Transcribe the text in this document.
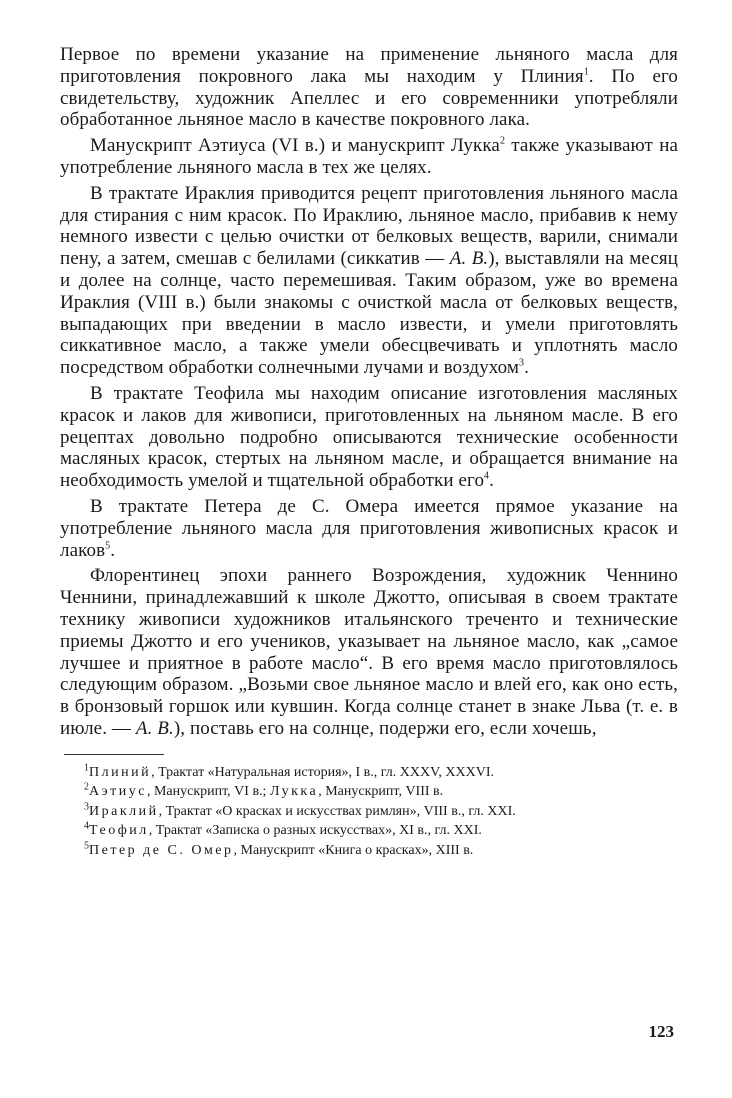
Первое по времени указание на применение льняного масла для приготовления покровного лака мы находим у Плиния$^1$. По его свидетельству, художник Апеллес и его современники употребляли обработанное льняное масло в качестве покровного лака.

Манускрипт Аэтиуса (VI в.) и манускрипт Лукка$^2$ также указывают на употребление льняного масла в тех же целях.

В трактате Ираклия приводится рецепт приготовления льняного масла для стирания с ним красок. По Ираклию, льняное масло, прибавив к нему немного извести с целью очистки от белковых веществ, варили, снимали пену, а затем, смешав с белилами (сиккатив — А. В.), выставляли на месяц и долее на солнце, часто перемешивая. Таким образом, уже во времена Ираклия (VIII в.) были знакомы с очисткой масла от белковых веществ, выпадающих при введении в масло извести, и умели приготовлять сиккативное масло, а также умели обесцвечивать и уплотнять масло посредством обработки солнечными лучами и воздухом$^3$.

В трактате Теофила мы находим описание изготовления масляных красок и лаков для живописи, приготовленных на льняном масле. В его рецептах довольно подробно описываются технические особенности масляных красок, стертых на льняном масле, и обращается внимание на необходимость умелой и тщательной обработки его$^4$.

В трактате Петера де С. Омера имеется прямое указание на употребление льняного масла для приготовления живописных красок и лаков$^5$.

Флорентинец эпохи раннего Возрождения, художник Ченнино Ченнини, принадлежавший к школе Джотто, описывая в своем трактате технику живописи художников итальянского треченто и технические приемы Джотто и его учеников, указывает на льняное масло, как „самое лучшее и приятное в работе масло“. В его время масло приготовлялось следующим образом. „Возьми свое льняное масло и влей его, как оно есть, в бронзовый горшок или кувшин. Когда солнце станет в знаке Льва (т. е. в июле. — А. В.), поставь его на солнце, подержи его, если хочешь,

$^1$Плиний, Трактат «Натуральная история», I в., гл. XXXV, XXXVI.

$^2$Аэтиус, Манускрипт, VI в.; Лукка, Манускрипт, VIII в.

$^3$Ираклий, Трактат «О красках и искусствах римлян», VIII в., гл. XXI.

$^4$Теофил, Трактат «Записка о разных искусствах», XI в., гл. XXI.

$^5$Петер де С. Омер, Манускрипт «Книга о красках», XIII в.

123
